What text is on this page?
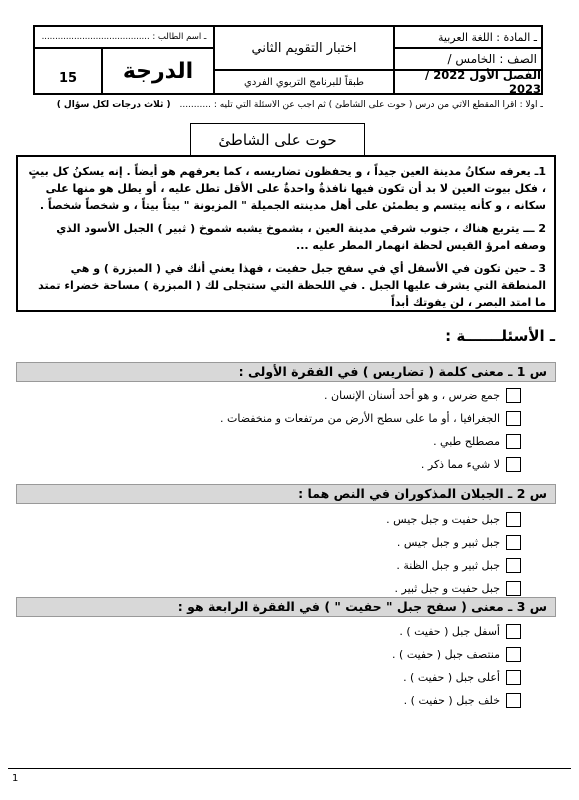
ـ المادة : اللغة العربية
الصف : الخامس /
الفصل الأول 2022 / 2023
اختبار التقويم الثاني
طبقاً للبرنامج التربوي الفردي
ـ اسم الطالب : ........................................
15 الدرجة
ـ أولاً : اقرأ المقطع الآتي من درس ( حوت على الشاطئ ) ثم أجب عن الأسئلة التي تليه : ........... ( ثلاث درجات لكل سؤال )
حوت على الشاطئ

1ـ يعرفه سكانُ مدينة العين جيداً ، و يحفظون تضاريسه ، كما يعرفهم هو أيضاً . إنه يسكنُ كل بيتٍ ، فكل بيوت العين لا بد أن تكون فيها نافذةٌ واحدةٌ على الأقل تطل عليه ، أو يطل هو منها على سكانه ، و كأنه يبتسم و يطمئن على أهل مدينته الجميلة " المزيونة " بيتاً بيتاً ، و شخصاً شخصاً .

2 ـــ يتربع هناك ، جنوب شرقي مدينة العين ، بشموخ يشبه شموخ ( ثبير ) الجبل الأسود الذي وصفه امرؤ القيس لحظة انهمار المطر عليه ...

3 ـ حين تكون في الأسفل أي في سفح جبل حفيت ، فهذا يعني أنك في ( المبزرة ) و هي المنطقة التي يشرف عليها الجبل . في اللحظة التي ستتجلى لك ( المبزرة ) مساحة خضراء تمتد ما امتد البصر ، لن يفوتك أبداً

ـ الأسئلـــــــة :
س 1 ـ معنى كلمة ( تضاريس ) في الفقرة الأولى :
جمع ضرس ، و هو أحد أسنان الإنسان .
الجغرافيا ، أو ما على سطح الأرض من مرتفعات و منخفضات .
مصطلح طبي .
لا شيء مما ذكر .
س 2 ـ الجبلان المذكوران في النص هما :
جبل حفيت و جبل جيس .
جبل ثبير و جبل جيس .
جبل ثبير و جبل الظنة .
جبل حفيت و جبل ثبير .
س 3 ـ معنى ( سفح جبل " حفيت " ) في الفقرة الرابعة هو :
أسفل جبل ( حفيت ) .
منتصف جبل ( حفيت ) .
أعلى جبل ( حفيت ) .
خلف جبل ( حفيت ) .
1
